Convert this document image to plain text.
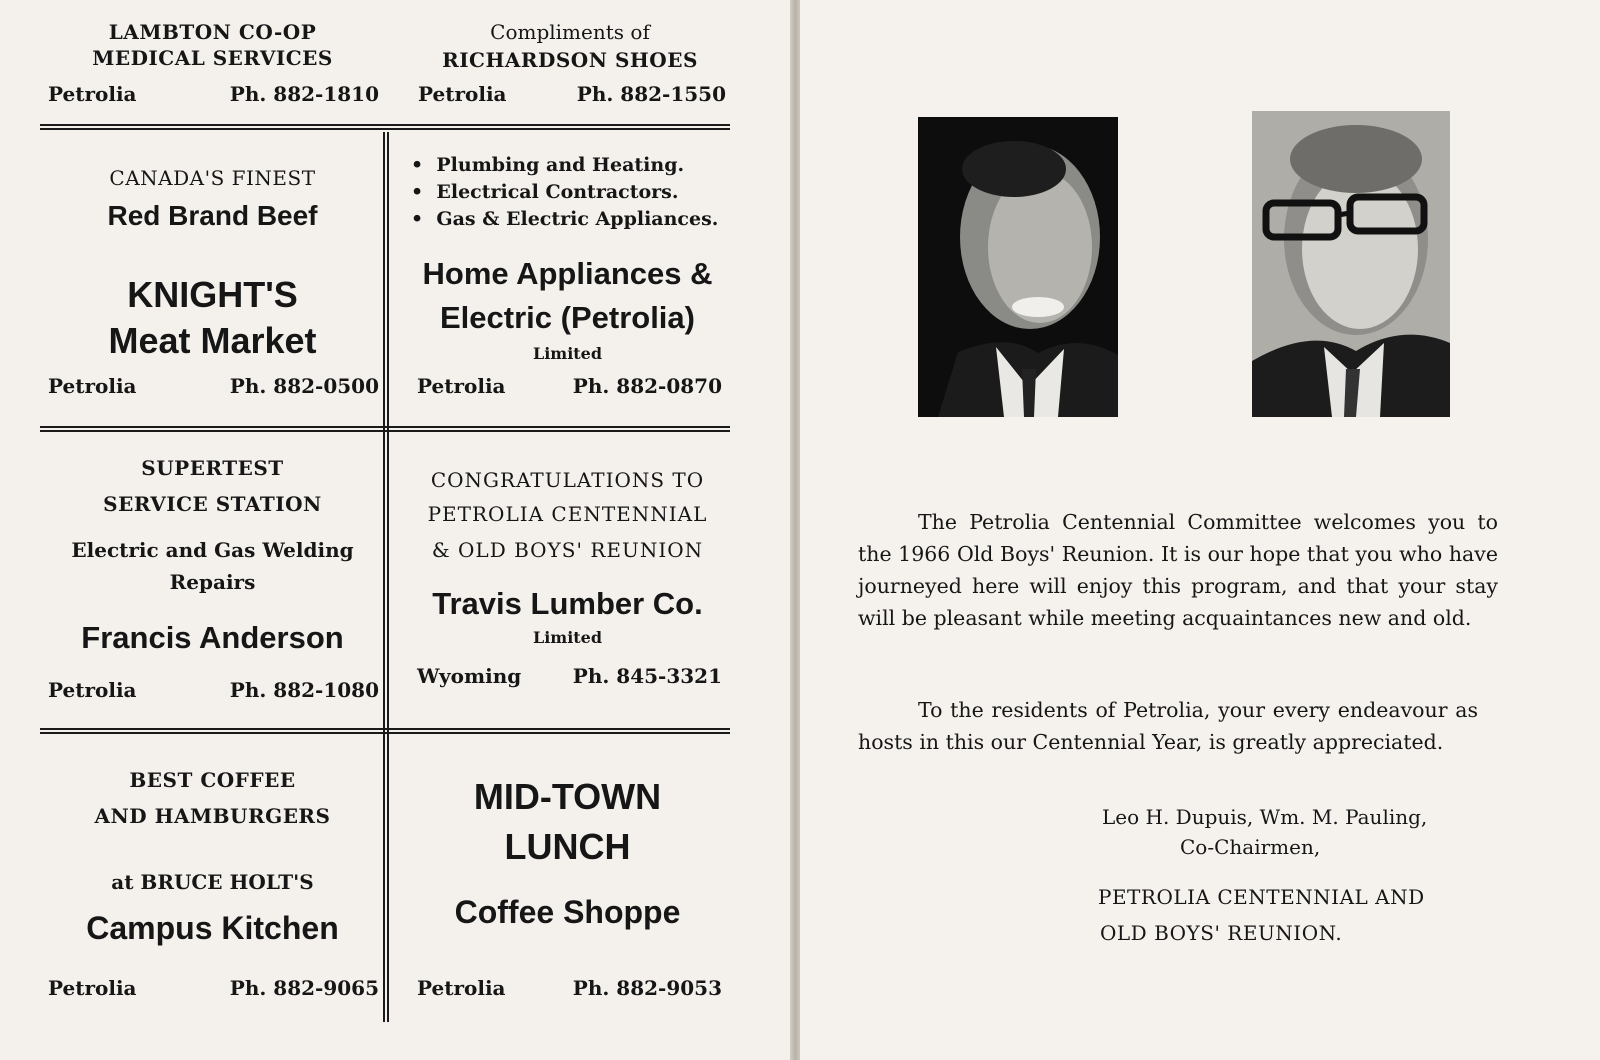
LAMBTON CO-OP
MEDICAL SERVICES
Petrolia	Ph. 882-1810
Compliments of
RICHARDSON SHOES
Petrolia	Ph. 882-1550
CANADA'S FINEST
Red Brand Beef
KNIGHT'S
Meat Market
Petrolia	Ph. 882-0500
•  Plumbing and Heating.
•  Electrical Contractors.
•  Gas & Electric Appliances.
Home Appliances &
Electric (Petrolia)
Limited
Petrolia	Ph. 882-0870
SUPERTEST
SERVICE STATION
Electric and Gas Welding
Repairs
Francis Anderson
Petrolia	Ph. 882-1080
CONGRATULATIONS TO
PETROLIA CENTENNIAL
& OLD BOYS' REUNION
Travis Lumber Co.
Limited
Wyoming	Ph. 845-3321
BEST COFFEE
AND HAMBURGERS
at BRUCE HOLT'S
Campus Kitchen
Petrolia	Ph. 882-9065
MID-TOWN
LUNCH
Coffee Shoppe
Petrolia	Ph. 882-9053
The Petrolia Centennial Committee welcomes you to the 1966 Old Boys' Reunion. It is our hope that you who have journeyed here will enjoy this program, and that your stay will be pleasant while meeting acquaintances new and old.
To the residents of Petrolia, your every endeavour as hosts in this our Centennial Year, is greatly appreciated.
Leo H. Dupuis, Wm. M. Pauling,
Co-Chairmen,
PETROLIA CENTENNIAL AND
OLD BOYS' REUNION.
